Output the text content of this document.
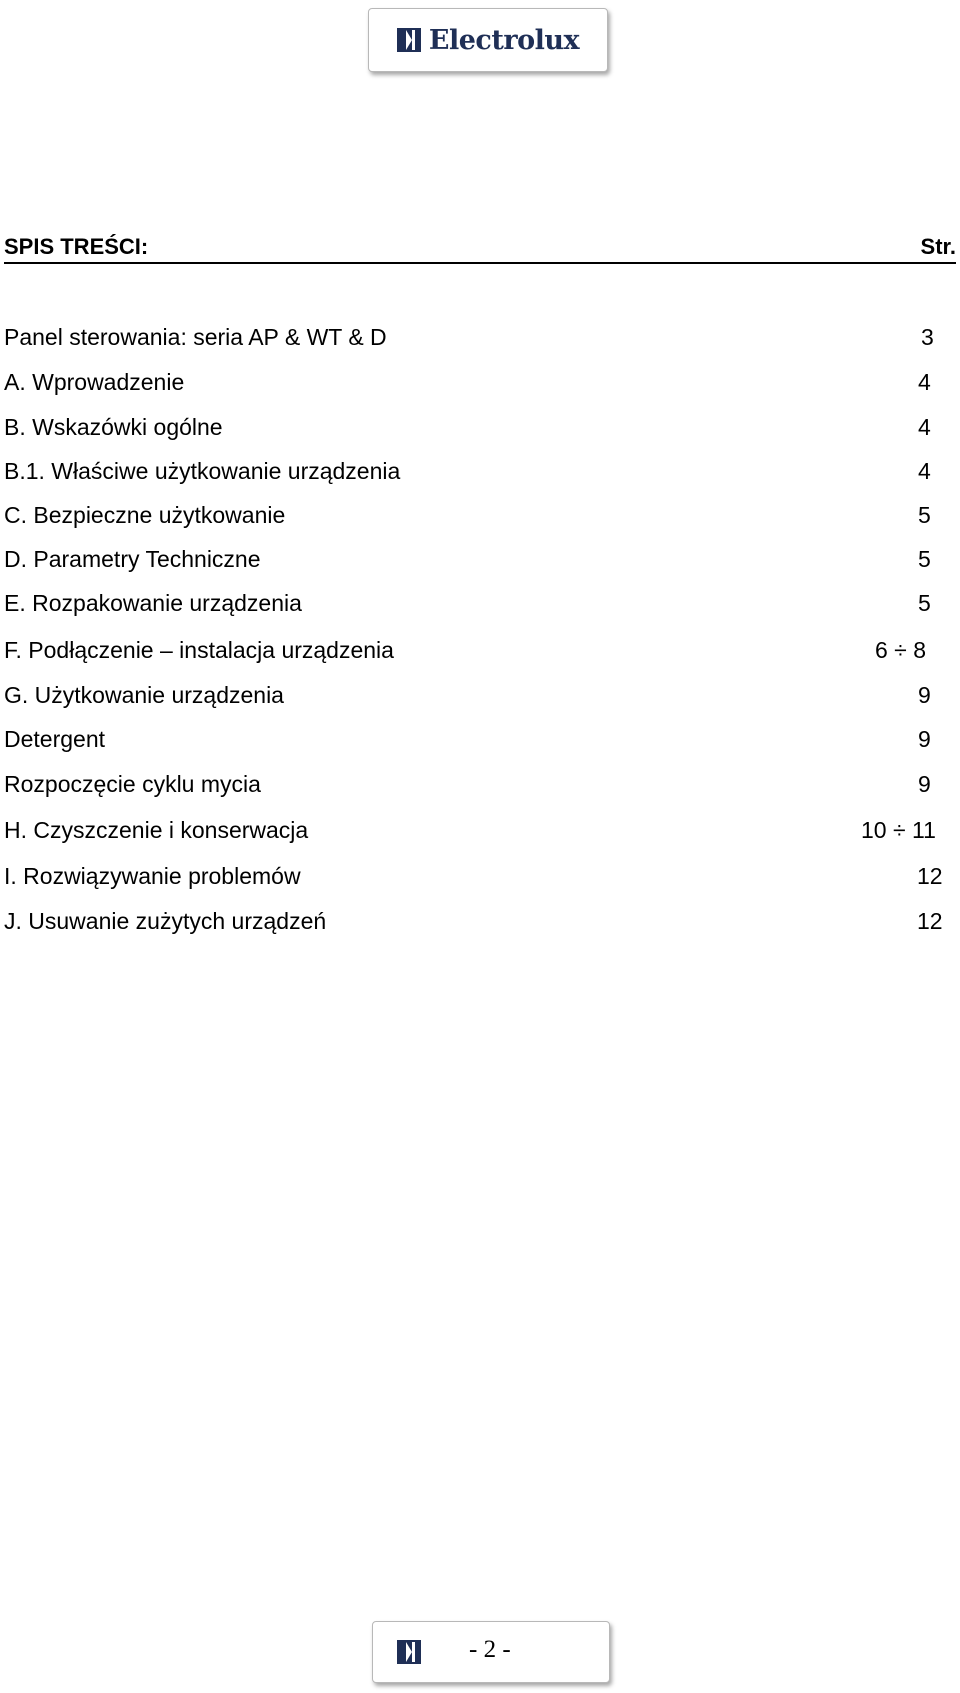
Electrolux
SPIS TREŚCI:	Str.
Panel sterowania: seria AP & WT & D	3
A. Wprowadzenie	4
B. Wskazówki ogólne	4
B.1. Właściwe użytkowanie urządzenia	4
C. Bezpieczne użytkowanie	5
D. Parametry Techniczne	5
E. Rozpakowanie urządzenia	5
F. Podłączenie – instalacja urządzenia	6 ÷ 8
G. Użytkowanie urządzenia	9
Detergent	9
Rozpoczęcie cyklu mycia	9
H. Czyszczenie i konserwacja	10 ÷ 11
I. Rozwiązywanie problemów	12
J. Usuwanie zużytych urządzeń	12
- 2 -
